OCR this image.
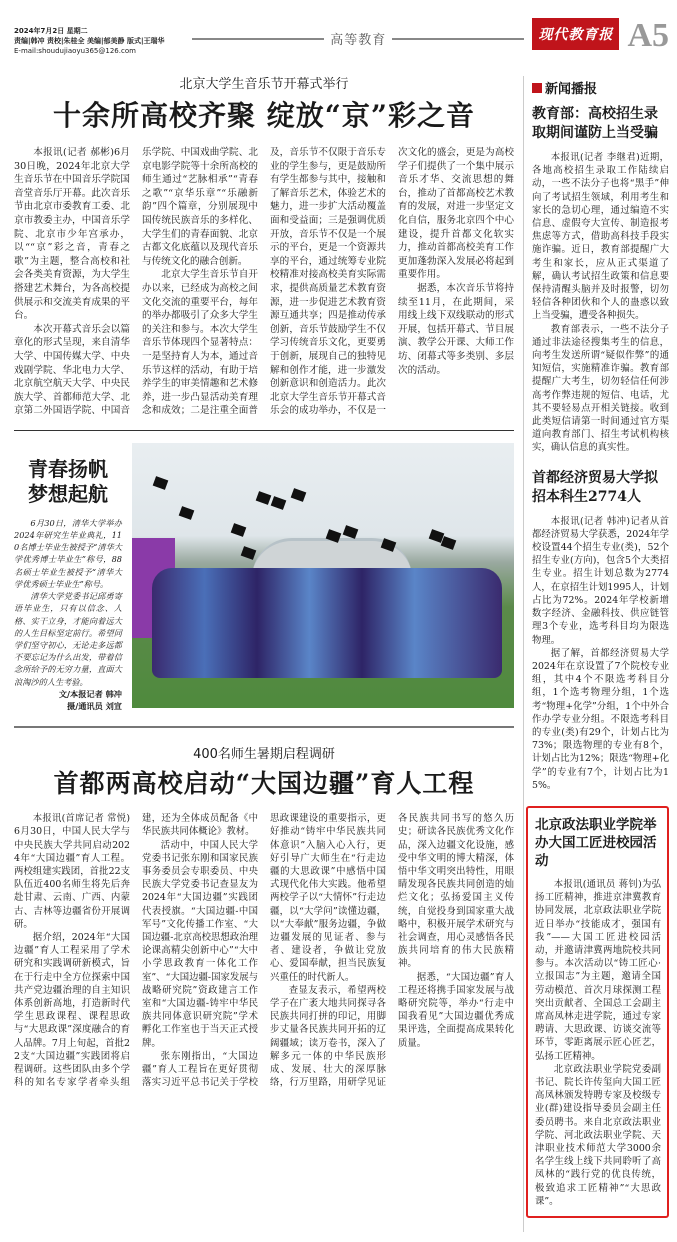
2024年7月2日 星期二
责编|韩冲 责校|朱桂全 美编|郁美静 版式|王瑞华
E-mail:shoudujiaoyu365@126.com
高等教育	现代教育报 A5
北京大学生音乐节开幕式举行
十余所高校齐聚 绽放“京”彩之音

本报讯(记者 郝彬)6月30日晚，2024年北京大学生音乐节在中国音乐学院国音堂音乐厅开幕。此次音乐节由北京市委教育工委、北京市教委主办，中国音乐学院、北京市少年宫承办，以““京”彩之音，青春之歌”为主题，整合高校和社会各类美育资源，为大学生搭建艺术舞台，为各高校提供展示和交流美育成果的平台。

本次开幕式音乐会以篇章化的形式呈现，来自清华大学、中国传媒大学、中央戏剧学院、华北电力大学、北京航空航天大学、中央民族大学、首都师范大学、北京第二外国语学院、中国音乐学院、中国戏曲学院、北京电影学院等十余所高校的师生通过“艺脉相承”“青春之歌”“京华乐章”“乐融新韵”四个篇章，分别展现中国传统民族音乐的多样化、大学生们的青春面貌、北京古都文化底蕴以及现代音乐与传统文化的融合创新。

北京大学生音乐节自开办以来，已经成为高校之间文化交流的重要平台，每年的举办都吸引了众多大学生的关注和参与。本次大学生音乐节体现四个显著特点：一是坚持育人为本，通过音乐节这样的活动，有助于培养学生的审美情趣和艺术修养，进一步凸显活动美育理念和成效；二是注重全面普及，音乐节不仅限于音乐专业的学生参与，更是鼓励所有学生都参与其中，接触和了解音乐艺术，体验艺术的魅力，进一步扩大活动覆盖面和受益面；三是强调优质开放，音乐节不仅是一个展示的平台，更是一个资源共享的平台，通过统筹专业院校精准对接高校美育实际需求，提供高质量艺术教育资源，进一步促进艺术教育资源互通共享；四是推动传承创新，音乐节鼓励学生不仅学习传统音乐文化，更要勇于创新，展现自己的独特见解和创作才能，进一步激发创新意识和创造活力。此次北京大学生音乐节开幕式音乐会的成功举办，不仅是一次文化的盛会，更是为高校学子们提供了一个集中展示音乐才华、交流思想的舞台，推动了首都高校艺术教育的发展，对进一步坚定文化自信，服务北京四个中心建设，提升首都文化软实力，推动首都高校美育工作更加蓬勃深入发展必将起到重要作用。

据悉，本次音乐节将持续至11月，在此期间，采用线上线下双线联动的形式开展，包括开幕式、节目展演、教学公开课、大师工作坊、闭幕式等多类别、多层次的活动。

青春扬帆
梦想起航

6月30日，清华大学举办2024年研究生毕业典礼，110名博士毕业生被授予“清华大学优秀博士毕业生”称号，88名硕士毕业生被授予“清华大学优秀硕士毕业生”称号。

清华大学党委书记邱勇寄语毕业生，只有以信念、人格、实干立身，才能向着远大的人生目标坚定前行。希望同学们坚守初心，无论走多远都不要忘记为什么出发，带着信念所给予的无穷力量，直面大浪淘沙的人生考验。

文/本报记者 韩冲
摄/通讯员 刘宣
400名师生暑期启程调研
首都两高校启动“大国边疆”育人工程

本报讯(首席记者 常悦)6月30日，中国人民大学与中央民族大学共同启动2024年“大国边疆”育人工程。两校组建实践团，首批22支队伍近400名师生将先后奔赴甘肃、云南、广西、内蒙古、吉林等边疆省份开展调研。

据介绍，2024年“大国边疆”育人工程采用了学术研究和实践调研新模式，旨在于行走中全方位探索中国共产党边疆治理的自主知识体系创新高地，打造新时代学生思政课程、课程思政与“大思政课”深度融合的育人品牌。7月上旬起，首批22支“大国边疆”实践团将启程调研。这些团队由多个学科的知名专家学者牵头组建，还为全体成员配备《中华民族共同体概论》教材。

活动中，中国人民大学党委书记张东刚和国家民族事务委员会专职委员、中央民族大学党委书记查显友为2024年“大国边疆”实践团代表授旗。“大国边疆-中国军号”文化传播工作室、“大国边疆-北京高校思想政治理论课高精尖创新中心”“大中小学思政教育一体化工作室”、“大国边疆-国家发展与战略研究院”资政建言工作室和“大国边疆-铸牢中华民族共同体意识研究院”学术孵化工作室也于当天正式授牌。

张东刚指出，“大国边疆”育人工程旨在更好贯彻落实习近平总书记关于学校思政课建设的重要指示，更好推动“铸牢中华民族共同体意识”入脑入心入行，更好引导广大师生在“行走边疆的大思政课”中感悟中国式现代化伟大实践。他希望两校学子以“大情怀”行走边疆，以“大学问”读懂边疆，以“大奉献”服务边疆，争做边疆发展的见证者、参与者、建设者，争做让党放心、爱国奉献，担当民族复兴重任的时代新人。

查显友表示，希望两校学子在广袤大地共同探寻各民族共同打拼的印记，用脚步丈量各民族共同开拓的辽阔疆域；读万卷书，深入了解多元一体的中华民族形成、发展、壮大的深厚脉络，行万里路，用研学见证各民族共同书写的悠久历史；研读各民族优秀文化作品，深入边疆文化设施，感受中华文明的博大精深，体悟中华文明突出特性，用眼睛发现各民族共同创造的灿烂文化；弘扬爱国主义传统，自觉投身到国家重大战略中，积极开展学术研究与社会调查，用心灵感悟各民族共同培育的伟大民族精神。

据悉，“大国边疆”育人工程还将携手国家发展与战略研究院等，举办“行走中国我看见”大国边疆优秀成果评选，全面提高成果转化质量。

新闻播报
教育部：高校招生录取期间谨防上当受骗

本报讯(记者 李继君)近期，各地高校招生录取工作陆续启动，一些不法分子也将“黑手”伸向了考试招生领域，利用考生和家长的急切心理，通过编造不实信息、虚假夸大宣传、制造报考焦虑等方式，借助高科技手段实施诈骗。近日，教育部提醒广大考生和家长，应从正式渠道了解，确认考试招生政策和信息要保持清醒头脑并及时报警，切勿轻信各种团伙和个人的蛊惑以致上当受骗，遭受各种损失。

教育部表示，一些不法分子通过非法途径搜集考生的信息，向考生发送所谓“疑似作弊”的通知短信，实施精准诈骗。教育部提醒广大考生，切勿轻信任何涉高考作弊违规的短信、电话，尤其不要轻易点开相关链接。收到此类短信请第一时间通过官方渠道向教育部门、招生考试机构核实，确认信息的真实性。

首都经济贸易大学拟招本科生2774人

本报讯(记者 韩冲)记者从首都经济贸易大学获悉，2024年学校设置44个招生专业(类)，52个招生专业(方向)，包含5个大类招生专业。招生计划总数为2774人，在京招生计划1995人，计划占比为72%。2024年学校新增数字经济、金融科技、供应链管理3个专业，选考科目均为限选物理。

据了解，首都经济贸易大学2024年在京设置了7个院校专业组，其中4个不限选考科目分组，1个选考物理分组，1个选考“物理+化学”分组，1个中外合作办学专业分组。不限选考科目的专业(类)有29个，计划占比为73%；限选物理的专业有8个，计划占比为12%；限选“物理+化学”的专业有7个，计划占比为15%。

北京政法职业学院举办大国工匠进校园活动

本报讯(通讯员 蒋钊)为弘扬工匠精神，推进京津冀教育协同发展，北京政法职业学院近日举办“技能成才，强国有我”——大国工匠进校园活动，并邀请津冀两地院校共同参与。本次活动以“铸工匠心·立报国志”为主题，邀请全国劳动模范、首次月球探测工程突出贡献者、全国总工会副主席高凤林走进学院，通过专家聘请、大思政课、访谈交流等环节，零距离展示匠心匠艺，弘扬工匠精神。

北京政法职业学院党委副书记、院长许传玺向大国工匠高凤林颁发特聘专家及校级专业(群)建设指导委员会副主任委员聘书。来自北京政法职业学院、河北政法职业学院、天津职业技术师范大学3000余名学生线上线下共同聆听了高凤林的“践行党的优良传统，极致追求工匠精神”“大思政课”。
